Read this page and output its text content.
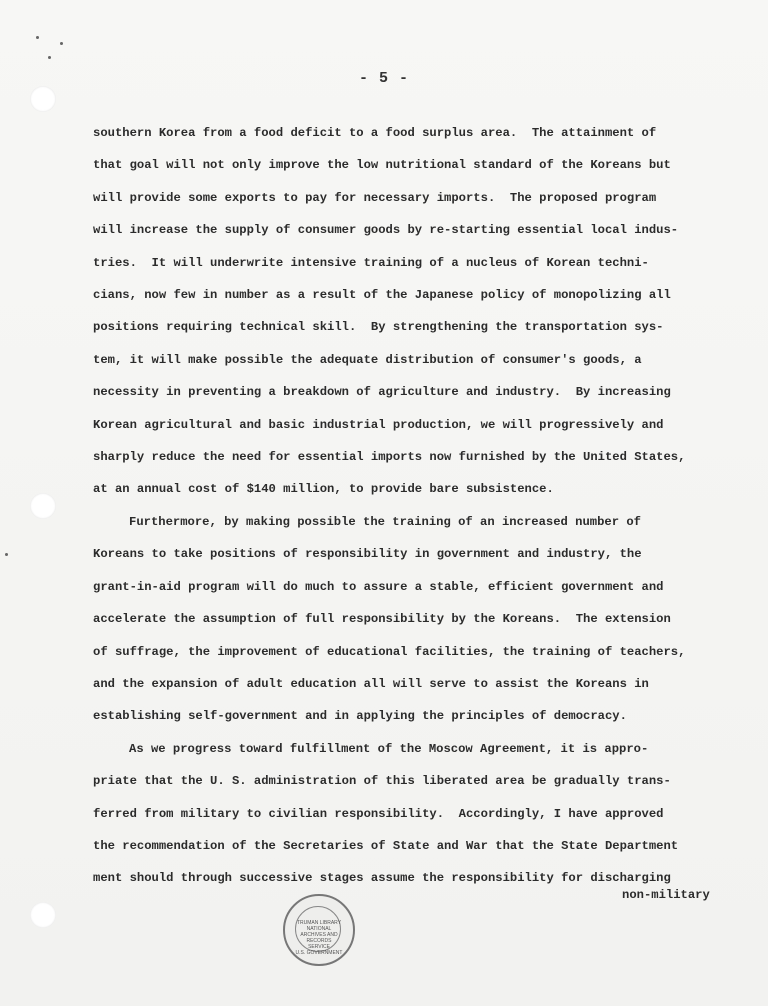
- 5 -
southern Korea from a food deficit to a food surplus area.  The attainment of
that goal will not only improve the low nutritional standard of the Koreans but
will provide some exports to pay for necessary imports.  The proposed program
will increase the supply of consumer goods by re-starting essential local indus-
tries.  It will underwrite intensive training of a nucleus of Korean techni-
cians, now few in number as a result of the Japanese policy of monopolizing all
positions requiring technical skill.  By strengthening the transportation sys-
tem, it will make possible the adequate distribution of consumer's goods, a
necessity in preventing a breakdown of agriculture and industry.  By increasing
Korean agricultural and basic industrial production, we will progressively and
sharply reduce the need for essential imports now furnished by the United States,
at an annual cost of $140 million, to provide bare subsistence.
Furthermore, by making possible the training of an increased number of
Koreans to take positions of responsibility in government and industry, the
grant-in-aid program will do much to assure a stable, efficient government and
accelerate the assumption of full responsibility by the Koreans.  The extension
of suffrage, the improvement of educational facilities, the training of teachers,
and the expansion of adult education all will serve to assist the Koreans in
establishing self-government and in applying the principles of democracy.
As we progress toward fulfillment of the Moscow Agreement, it is appro-
priate that the U. S. administration of this liberated area be gradually trans-
ferred from military to civilian responsibility.  Accordingly, I have approved
the recommendation of the Secretaries of State and War that the State Department
ment should through successive stages assume the responsibility for discharging
non-military
TRUMAN LIBRARY
NATIONAL
ARCHIVES AND
RECORDS
SERVICE
U.S. GOVERNMENT
